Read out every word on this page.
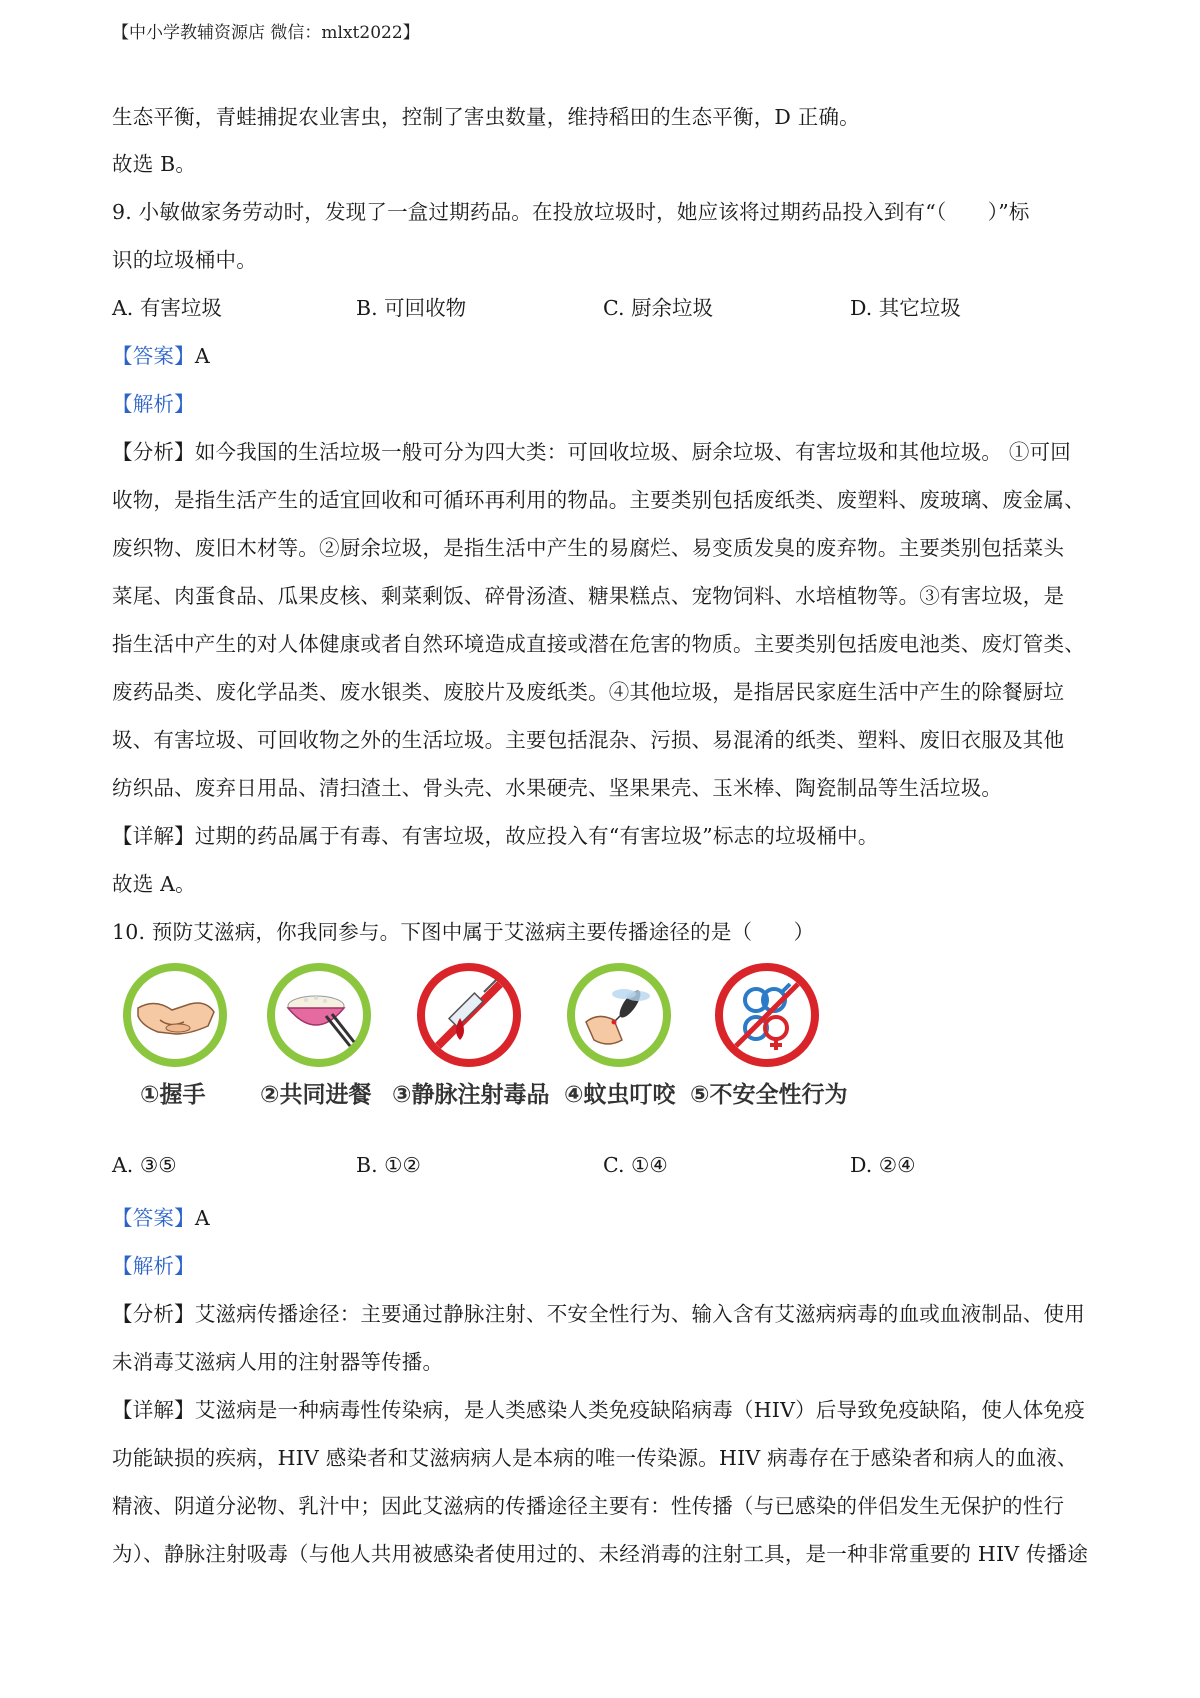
【中小学教辅资源店 微信：mlxt2022】
生态平衡，青蛙捕捉农业害虫，控制了害虫数量，维持稻田的生态平衡，D 正确。
故选 B。
9. 小敏做家务劳动时，发现了一盒过期药品。在投放垃圾时，她应该将过期药品投入到有“（　　）”标
识的垃圾桶中。
A. 有害垃圾	B. 可回收物	C. 厨余垃圾	D. 其它垃圾
【答案】A
【解析】
【分析】如今我国的生活垃圾一般可分为四大类：可回收垃圾、厨余垃圾、有害垃圾和其他垃圾。 ①可回
收物，是指生活产生的适宜回收和可循环再利用的物品。主要类别包括废纸类、废塑料、废玻璃、废金属、
废织物、废旧木材等。②厨余垃圾，是指生活中产生的易腐烂、易变质发臭的废弃物。主要类别包括菜头
菜尾、肉蛋食品、瓜果皮核、剩菜剩饭、碎骨汤渣、糖果糕点、宠物饲料、水培植物等。③有害垃圾，是
指生活中产生的对人体健康或者自然环境造成直接或潜在危害的物质。主要类别包括废电池类、废灯管类、
废药品类、废化学品类、废水银类、废胶片及废纸类。④其他垃圾，是指居民家庭生活中产生的除餐厨垃
圾、有害垃圾、可回收物之外的生活垃圾。主要包括混杂、污损、易混淆的纸类、塑料、废旧衣服及其他
纺织品、废弃日用品、清扫渣土、骨头壳、水果硬壳、坚果果壳、玉米棒、陶瓷制品等生活垃圾。
【详解】过期的药品属于有毒、有害垃圾，故应投入有“有害垃圾”标志的垃圾桶中。
故选 A。
10. 预防艾滋病，你我同参与。下图中属于艾滋病主要传播途径的是（　　）
①握手 ②共同进餐 ③静脉注射毒品 ④蚊虫叮咬 ⑤不安全性行为
A. ③⑤	B. ①②	C. ①④	D. ②④
【答案】A
【解析】
【分析】艾滋病传播途径：主要通过静脉注射、不安全性行为、输入含有艾滋病病毒的血或血液制品、使用
未消毒艾滋病人用的注射器等传播。
【详解】艾滋病是一种病毒性传染病，是人类感染人类免疫缺陷病毒（HIV）后导致免疫缺陷，使人体免疫
功能缺损的疾病，HIV 感染者和艾滋病病人是本病的唯一传染源。HIV 病毒存在于感染者和病人的血液、
精液、阴道分泌物、乳汁中；因此艾滋病的传播途径主要有：性传播（与已感染的伴侣发生无保护的性行
为）、静脉注射吸毒（与他人共用被感染者使用过的、未经消毒的注射工具，是一种非常重要的 HIV 传播途
